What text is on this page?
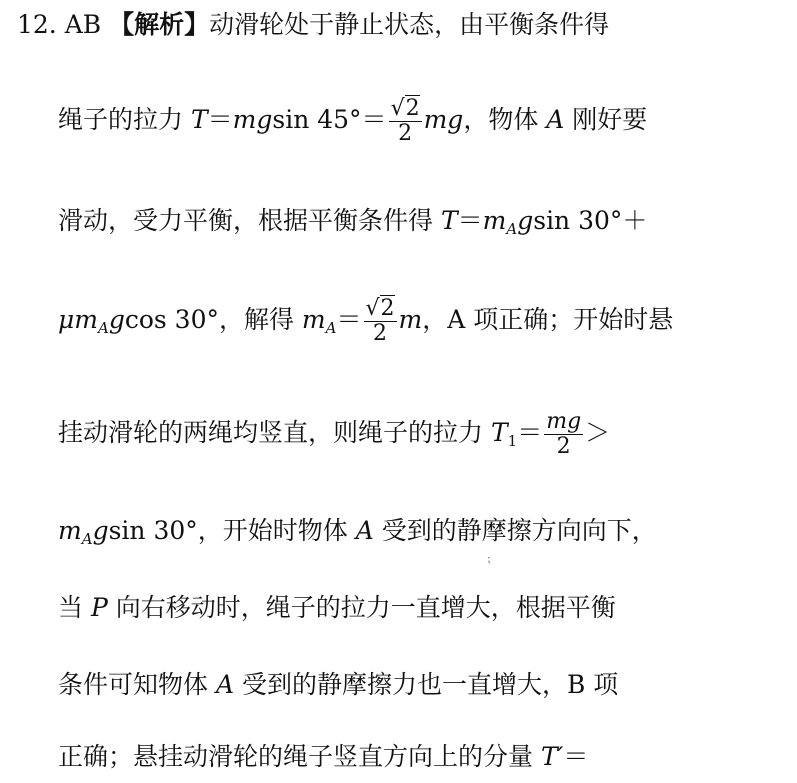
12. AB 【解析】动滑轮处于静止状态，由平衡条件得
绳子的拉力 T＝mgsin $45^\circ= \frac{√2}{2}$ mg，物体 A 刚好要
滑动，受力平衡，根据平衡条件得 $T=m_Agsin$ 30°＋
$\mu m_Agcos$ 30°，解得 $m_A= \frac{√2}{2}$ m，A 项正确；开始时悬
挂动滑轮的两绳均竖直，则绳子的拉力 $T_1= \frac{mg}{2}$ ＞
$m_Agsin$ 30°，开始时物体 A 受到的静摩擦方向向下，
⁏
当 P 向右移动时，绳子的拉力一直增大，根据平衡
条件可知物体 A 受到的静摩擦力也一直增大，B 项
正确；悬挂动滑轮的绳子竖直方向上的分量 T′＝
